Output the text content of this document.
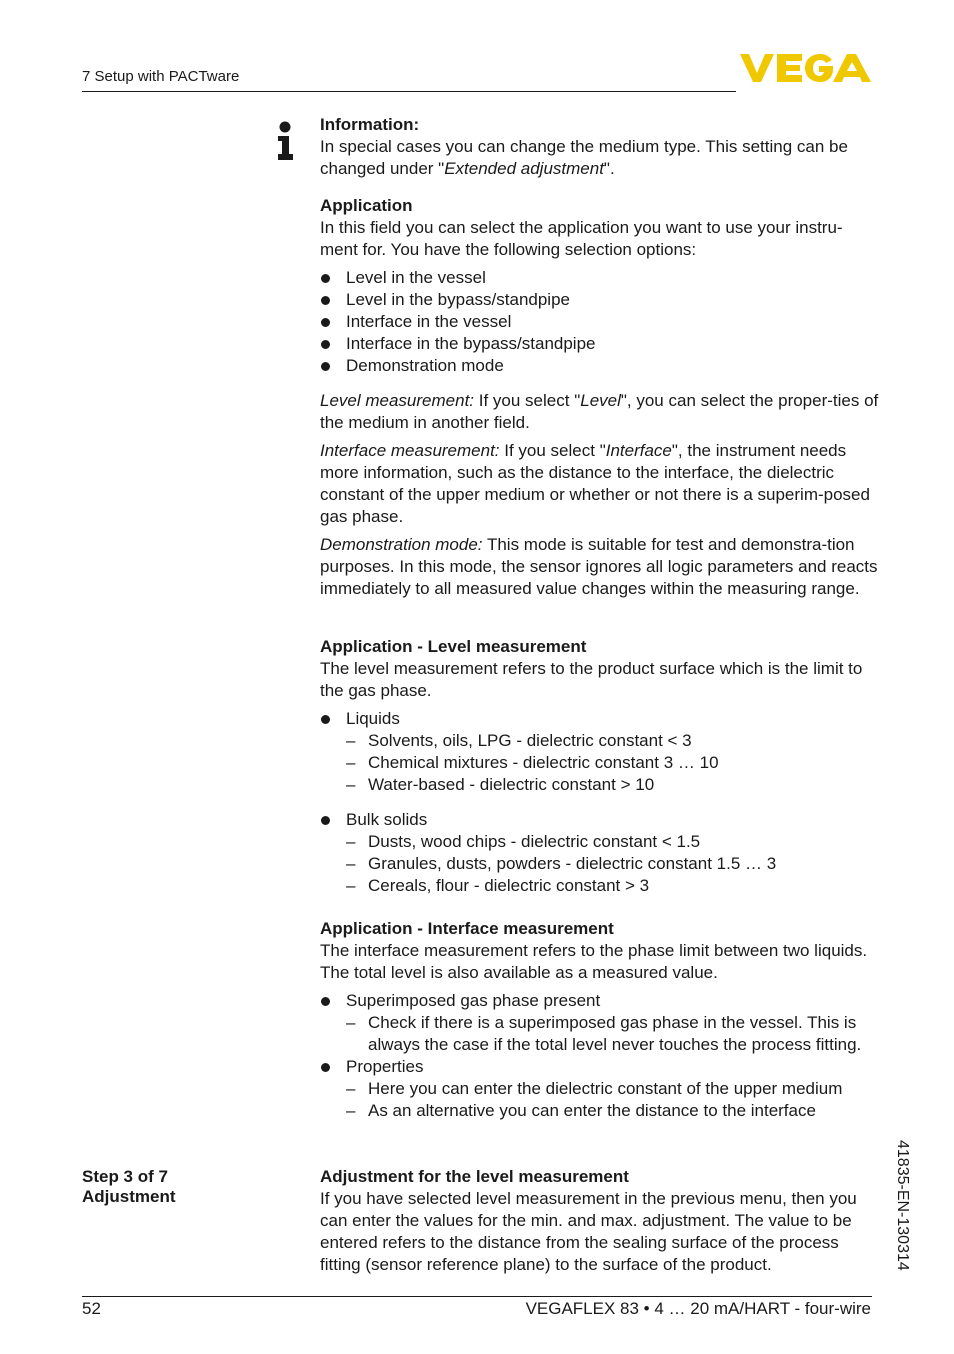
7 Setup with PACTware

Information:

In special cases you can change the medium type. This setting can be changed under "Extended adjustment".

Application

In this field you can select the application you want to use your instru-ment for. You have the following selection options:

Level in the vessel
Level in the bypass/standpipe
Interface in the vessel
Interface in the bypass/standpipe
Demonstration mode

Level measurement: If you select "Level", you can select the proper-ties of the medium in another field.

Interface measurement: If you select "Interface", the instrument needs more information, such as the distance to the interface, the dielectric constant of the upper medium or whether or not there is a superim-posed gas phase.

Demonstration mode: This mode is suitable for test and demonstra-tion purposes. In this mode, the sensor ignores all logic parameters and reacts immediately to all measured value changes within the measuring range.

Application - Level measurement

The level measurement refers to the product surface which is the limit to the gas phase.

Liquids
– Solvents, oils, LPG - dielectric constant < 3
– Chemical mixtures - dielectric constant 3 … 10
– Water-based - dielectric constant > 10
Bulk solids
– Dusts, wood chips - dielectric constant < 1.5
– Granules, dusts, powders - dielectric constant 1.5 … 3
– Cereals, flour - dielectric constant > 3

Application - Interface measurement

The interface measurement refers to the phase limit between two liquids. The total level is also available as a measured value.

Superimposed gas phase present
– Check if there is a superimposed gas phase in the vessel. This is always the case if the total level never touches the process fitting.
Properties
– Here you can enter the dielectric constant of the upper medium
– As an alternative you can enter the distance to the interface
Step 3 of 7
Adjustment

Adjustment for the level measurement

If you have selected level measurement in the previous menu, then you can enter the values for the min. and max. adjustment. The value to be entered refers to the distance from the sealing surface of the process fitting (sensor reference plane) to the surface of the product.	41835-EN-130314
52	VEGAFLEX 83 • 4 … 20 mA/HART - four-wire
